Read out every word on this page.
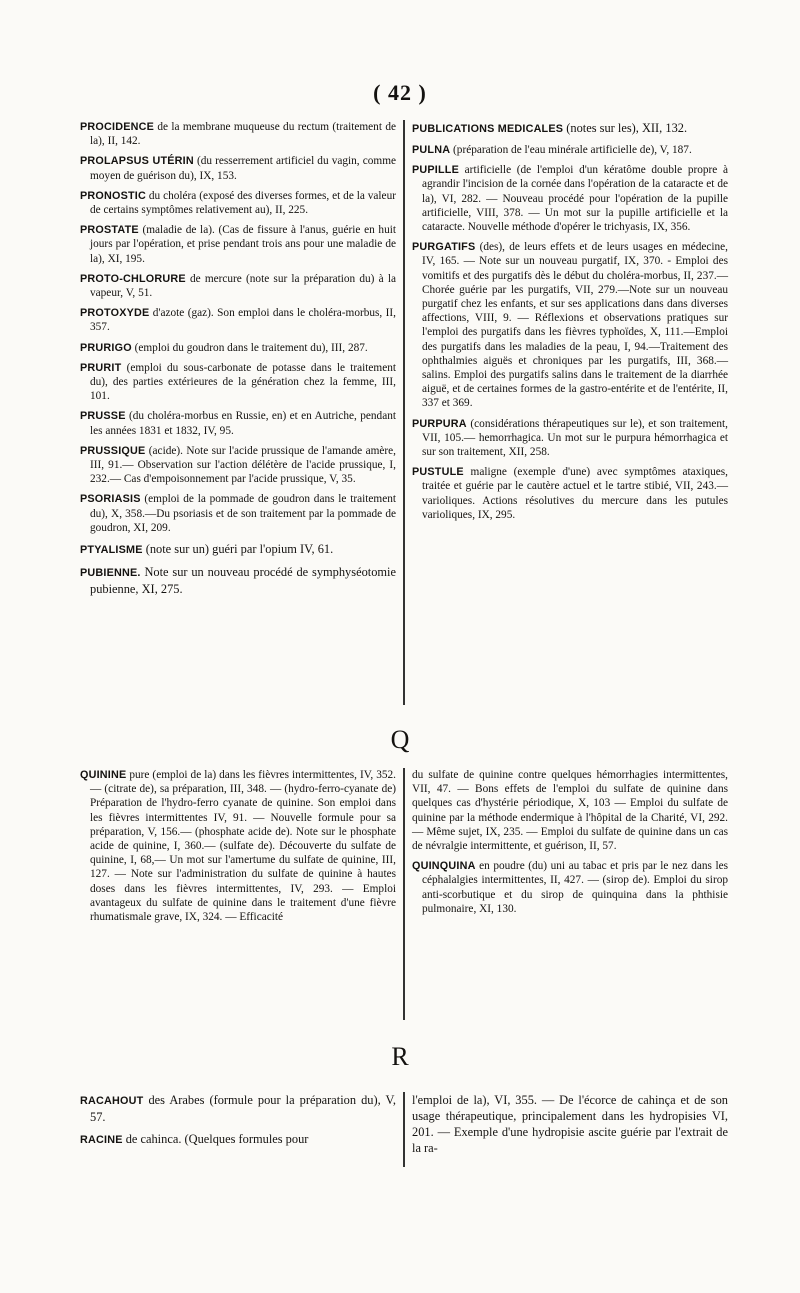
( 42 )

PROCIDENCE de la membrane muqueuse du rectum (traitement de la), II, 142.

PROLAPSUS UTÉRIN (du resserrement artificiel du vagin, comme moyen de guérison du), IX, 153.

PRONOSTIC du choléra (exposé des diverses formes, et de la valeur de certains symptômes relativement au), II, 225.

PROSTATE (maladie de la). (Cas de fissure à l'anus, guérie en huit jours par l'opération, et prise pendant trois ans pour une maladie de la), XI, 195.

PROTO-CHLORURE de mercure (note sur la préparation du) à la vapeur, V, 51.

PROTOXYDE d'azote (gaz). Son emploi dans le choléra-morbus, II, 357.

PRURIGO (emploi du goudron dans le traitement du), III, 287.

PRURIT (emploi du sous-carbonate de potasse dans le traitement du), des parties extérieures de la génération chez la femme, III, 101.

PRUSSE (du choléra-morbus en Russie, en) et en Autriche, pendant les années 1831 et 1832, IV, 95.

PRUSSIQUE (acide). Note sur l'acide prussique de l'amande amère, III, 91.— Observation sur l'action délétère de l'acide prussique, I, 232.— Cas d'empoisonnement par l'acide prussique, V, 35.

PSORIASIS (emploi de la pommade de goudron dans le traitement du), X, 358.—Du psoriasis et de son traitement par la pommade de goudron, XI, 209.

PTYALISME (note sur un) guéri par l'opium IV, 61.

PUBIENNE. Note sur un nouveau procédé de symphyséotomie pubienne, XI, 275.

PUBLICATIONS MEDICALES (notes sur les), XII, 132.

PULNA (préparation de l'eau minérale artificielle de), V, 187.

PUPILLE artificielle (de l'emploi d'un kératôme double propre à agrandir l'incision de la cornée dans l'opération de la cataracte et de la), VI, 282. — Nouveau procédé pour l'opération de la pupille artificielle, VIII, 378. — Un mot sur la pupille artificielle et la cataracte. Nouvelle méthode d'opérer le trichyasis, IX, 356.

PURGATIFS (des), de leurs effets et de leurs usages en médecine, IV, 165. — Note sur un nouveau purgatif, IX, 370. - Emploi des vomitifs et des purgatifs dès le début du choléra-morbus, II, 237.— Chorée guérie par les purgatifs, VII, 279.—Note sur un nouveau purgatif chez les enfants, et sur ses applications dans dans diverses affections, VIII, 9. — Réflexions et observations pratiques sur l'emploi des purgatifs dans les fièvres typhoïdes, X, 111.—Emploi des purgatifs dans les maladies de la peau, I, 94.—Traitement des ophthalmies aiguës et chroniques par les purgatifs, III, 368.— salins. Emploi des purgatifs salins dans le traitement de la diarrhée aiguë, et de certaines formes de la gastro-entérite et de l'entérite, II, 337 et 369.

PURPURA (considérations thérapeutiques sur le), et son traitement, VII, 105.— hemorrhagica. Un mot sur le purpura hémorrhagica et sur son traitement, XII, 258.

PUSTULE maligne (exemple d'une) avec symptômes ataxiques, traitée et guérie par le cautère actuel et le tartre stibié, VII, 243.— varioliques. Actions résolutives du mercure dans les putules varioliques, IX, 295.

Q

QUININE pure (emploi de la) dans les fièvres intermittentes, IV, 352.— (citrate de), sa préparation, III, 348. — (hydro-ferro-cyanate de) Préparation de l'hydro-ferro cyanate de quinine. Son emploi dans les fièvres intermittentes IV, 91. — Nouvelle formule pour sa préparation, V, 156.— (phosphate acide de). Note sur le phosphate acide de quinine, I, 360.— (sulfate de). Découverte du sulfate de quinine, I, 68,— Un mot sur l'amertume du sulfate de quinine, III, 127. — Note sur l'administration du sulfate de quinine à hautes doses dans les fièvres intermittentes, IV, 293. — Emploi avantageux du sulfate de quinine dans le traitement d'une fièvre rhumatismale grave, IX, 324. — Efficacité

du sulfate de quinine contre quelques hémorrhagies intermittentes, VII, 47. — Bons effets de l'emploi du sulfate de quinine dans quelques cas d'hystérie périodique, X, 103 — Emploi du sulfate de quinine par la méthode endermique à l'hôpital de la Charité, VI, 292. — Même sujet, IX, 235. — Emploi du sulfate de quinine dans un cas de névralgie intermittente, et guérison, II, 57.

QUINQUINA en poudre (du) uni au tabac et pris par le nez dans les céphalalgies intermittentes, II, 427. — (sirop de). Emploi du sirop anti-scorbutique et du sirop de quinquina dans la phthisie pulmonaire, XI, 130.

R

RACAHOUT des Arabes (formule pour la préparation du), V, 57.

RACINE de cahinca. (Quelques formules pour

l'emploi de la), VI, 355. — De l'écorce de cahinça et de son usage thérapeutique, principalement dans les hydropisies VI, 201. — Exemple d'une hydropisie ascite guérie par l'extrait de la ra-
